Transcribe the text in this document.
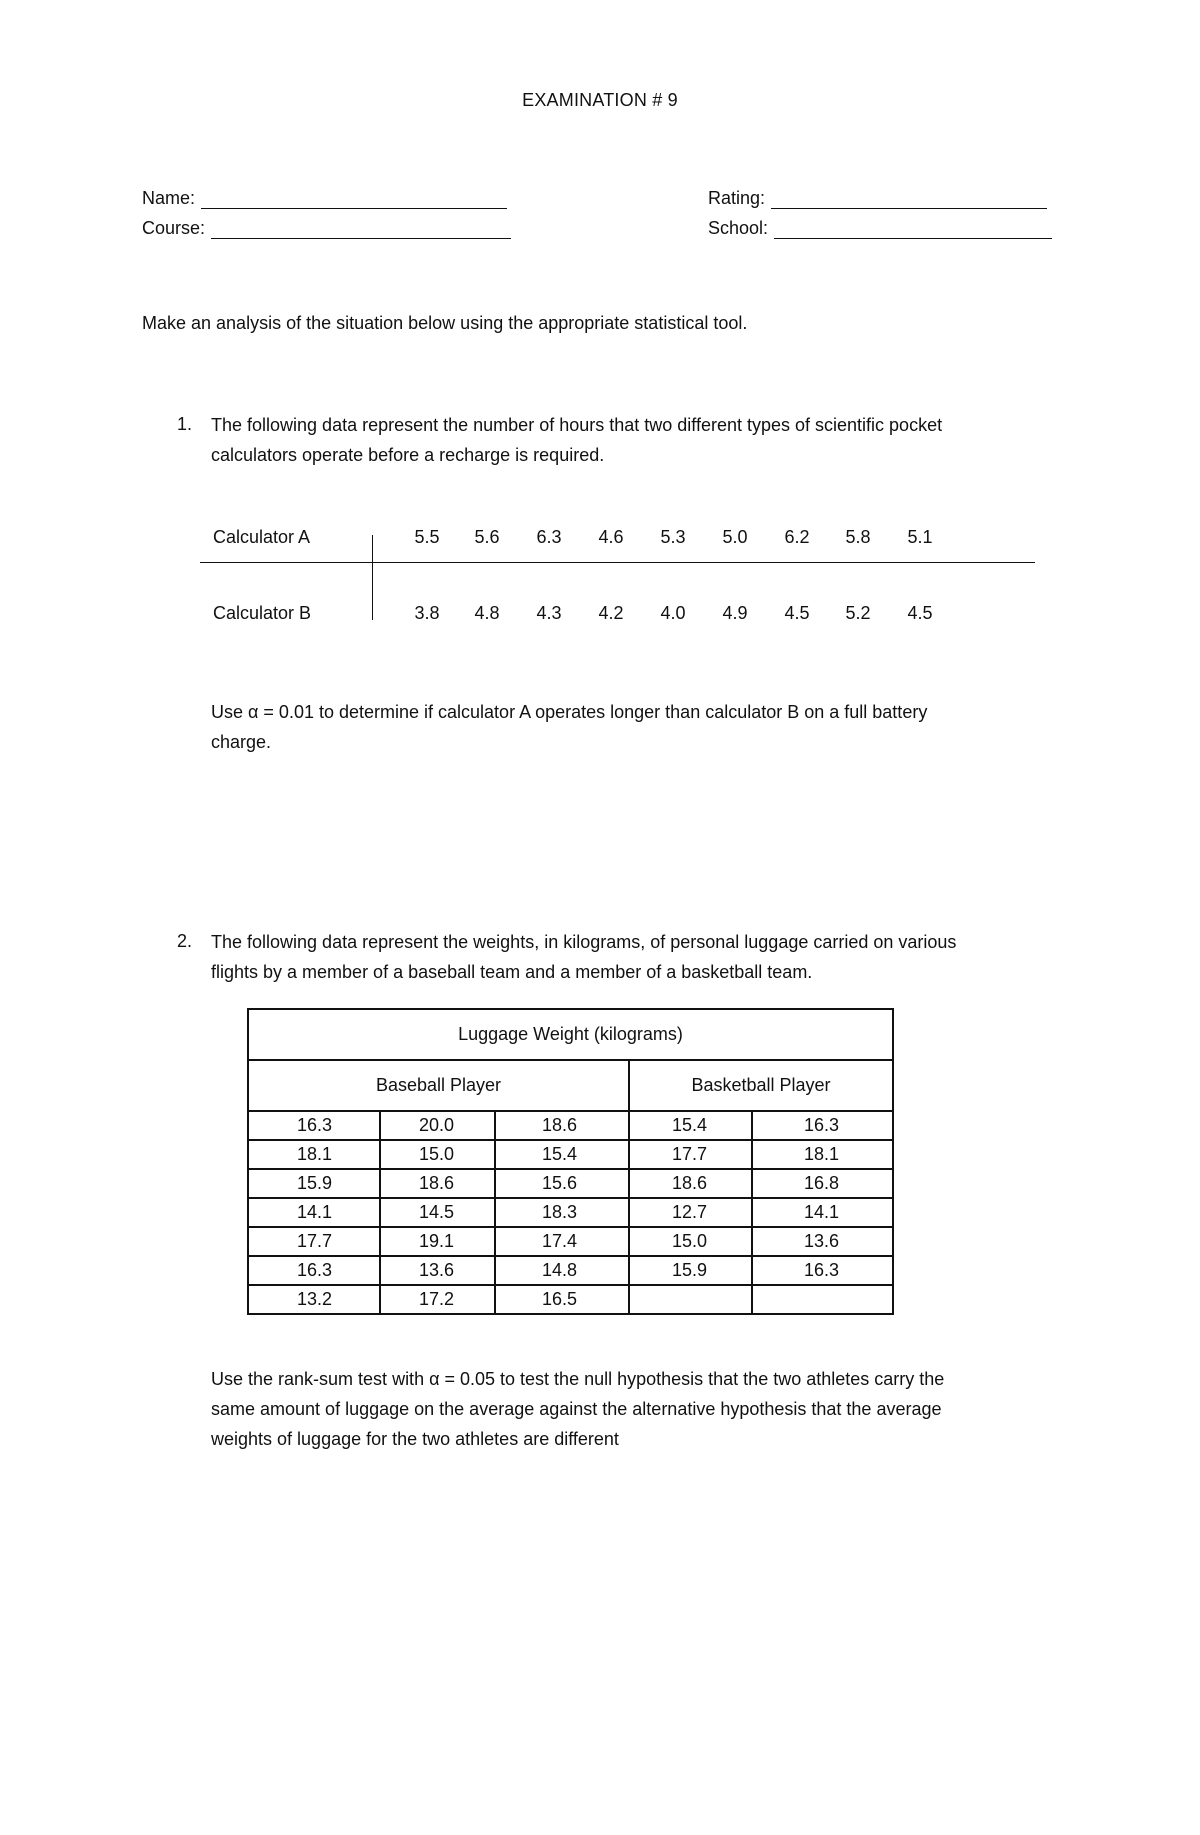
EXAMINATION # 9
Name:
Course:
Rating:
School:
Make an analysis of the situation below using the appropriate statistical tool.
1. The following data represent the number of hours that two different types of scientific pocket
calculators operate before a recharge is required.
Calculator A	5.5	5.6	6.3	4.6	5.3	5.0	6.2	5.8	5.1
Calculator B	3.8	4.8	4.3	4.2	4.0	4.9	4.5	5.2	4.5
Use α = 0.01 to determine if calculator A operates longer than calculator B on a full battery
charge.
2. The following data represent the weights, in kilograms, of personal luggage carried on various
flights by a member of a baseball team and a member of a basketball team.
Luggage Weight (kilograms)				
Baseball Player			Basketball Player	
16.3	20.0	18.6	15.4	16.3
18.1	15.0	15.4	17.7	18.1
15.9	18.6	15.6	18.6	16.8
14.1	14.5	18.3	12.7	14.1
17.7	19.1	17.4	15.0	13.6
16.3	13.6	14.8	15.9	16.3
13.2	17.2	16.5		
Use the rank-sum test with α = 0.05 to test the null hypothesis that the two athletes carry the
same amount of luggage on the average against the alternative hypothesis that the average
weights of luggage for the two athletes are different
